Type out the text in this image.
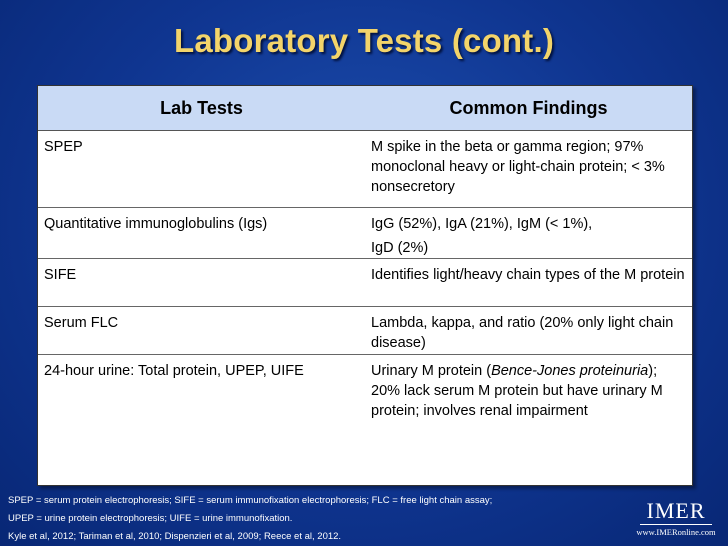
Laboratory Tests (cont.)
Lab Tests	Common Findings
SPEP	M spike in the beta or gamma region; 97% monoclonal heavy or light-chain protein; < 3% nonsecretory
Quantitative immunoglobulins (Igs)	IgG (52%), IgA (21%), IgM (< 1%),
IgD (2%)

SIFE	Identifies light/heavy chain types of the M protein
Serum FLC	Lambda, kappa, and ratio (20% only light chain disease)
24-hour urine: Total protein, UPEP, UIFE	Urinary M protein (Bence-Jones proteinuria); 20% lack serum M protein but have urinary M protein; involves renal impairment
SPEP = serum protein electrophoresis; SIFE = serum immunofixation electrophoresis; FLC = free light chain assay;
UPEP = urine protein electrophoresis; UIFE = urine immunofixation.
Kyle et al, 2012; Tariman et al, 2010; Dispenzieri et al, 2009; Reece et al, 2012.
IMER
www.IMERonline.com
